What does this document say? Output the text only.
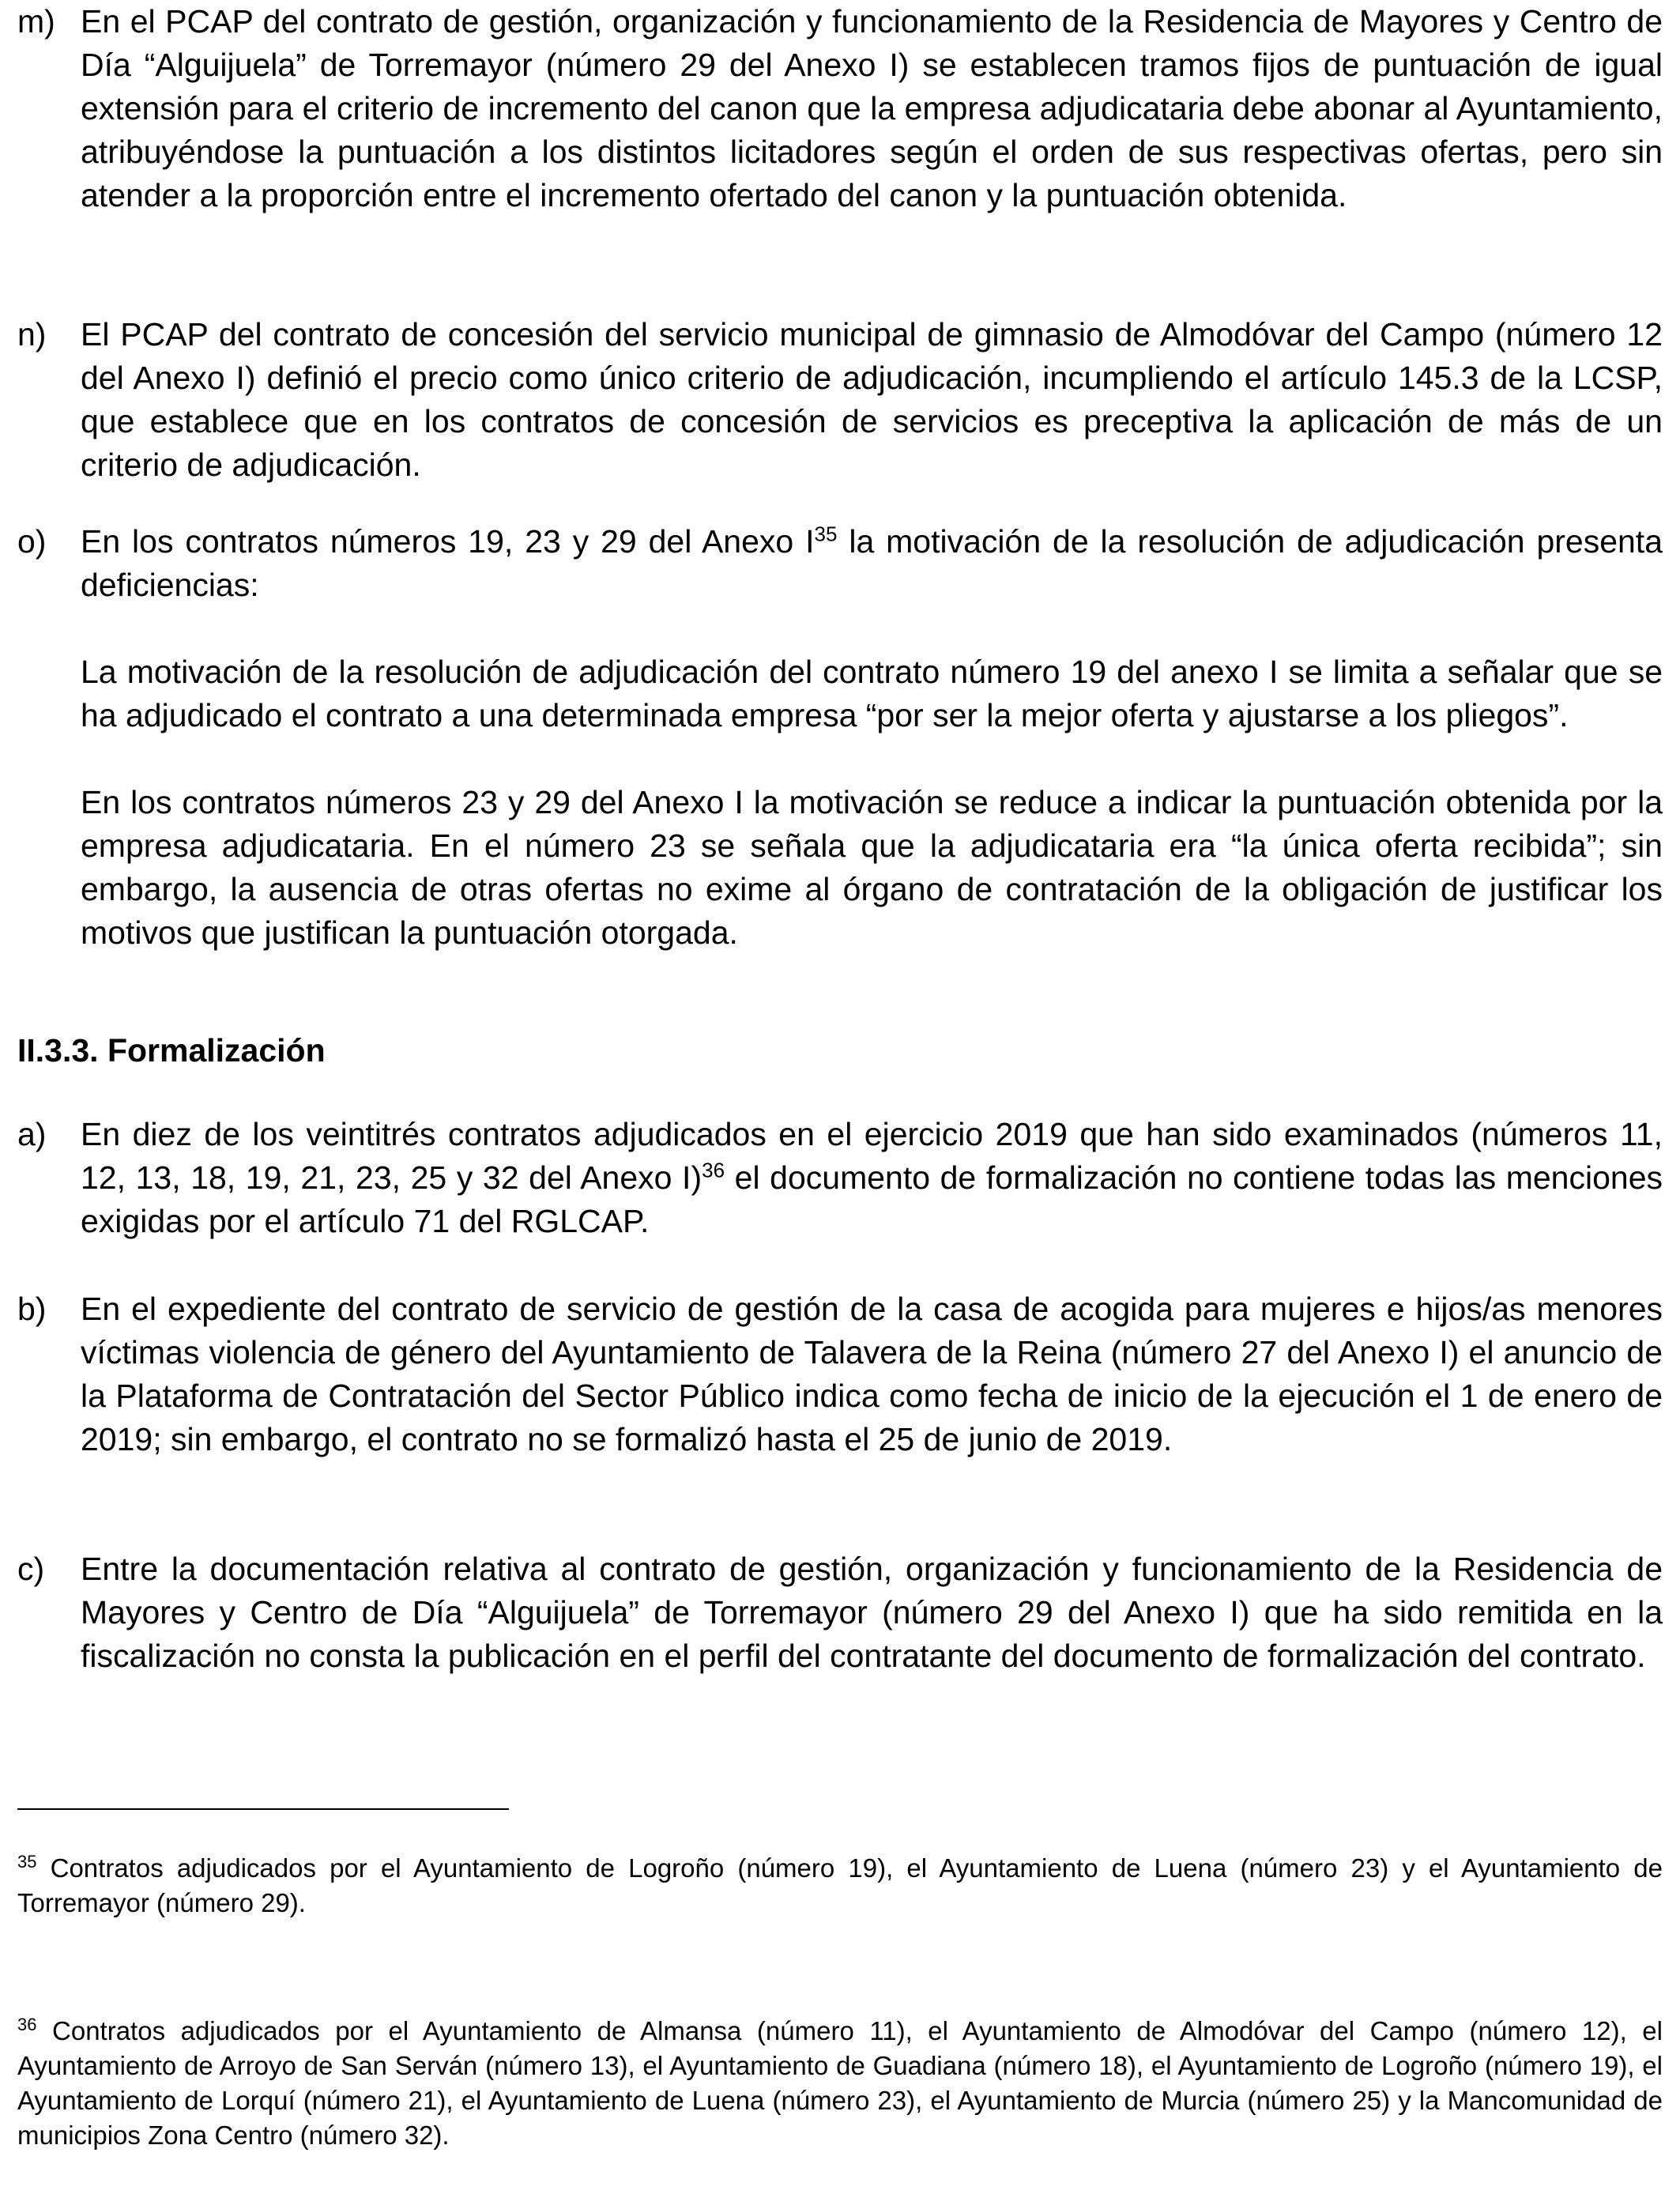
m) En el PCAP del contrato de gestión, organización y funcionamiento de la Residencia de Mayores y Centro de Día “Alguijuela” de Torremayor (número 29 del Anexo I) se establecen tramos fijos de puntuación de igual extensión para el criterio de incremento del canon que la empresa adjudicataria debe abonar al Ayuntamiento, atribuyéndose la puntuación a los distintos licitadores según el orden de sus respectivas ofertas, pero sin atender a la proporción entre el incremento ofertado del canon y la puntuación obtenida.

n) El PCAP del contrato de concesión del servicio municipal de gimnasio de Almodóvar del Campo (número 12 del Anexo I) definió el precio como único criterio de adjudicación, incumpliendo el artículo 145.3 de la LCSP, que establece que en los contratos de concesión de servicios es preceptiva la aplicación de más de un criterio de adjudicación.

o) En los contratos números 19, 23 y 29 del Anexo $I^{35}$ la motivación de la resolución de adjudicación presenta deficiencias:

La motivación de la resolución de adjudicación del contrato número 19 del anexo I se limita a señalar que se ha adjudicado el contrato a una determinada empresa “por ser la mejor oferta y ajustarse a los pliegos”.

En los contratos números 23 y 29 del Anexo I la motivación se reduce a indicar la puntuación obtenida por la empresa adjudicataria. En el número 23 se señala que la adjudicataria era “la única oferta recibida”; sin embargo, la ausencia de otras ofertas no exime al órgano de contratación de la obligación de justificar los motivos que justifican la puntuación otorgada.

II.3.3. Formalización

a) En diez de los veintitrés contratos adjudicados en el ejercicio 2019 que han sido examinados (números 11, 12, 13, 18, 19, 21, 23, 25 y 32 del Anexo I)$^{36}$ el documento de formalización no contiene todas las menciones exigidas por el artículo 71 del RGLCAP.

b) En el expediente del contrato de servicio de gestión de la casa de acogida para mujeres e hijos/as menores víctimas violencia de género del Ayuntamiento de Talavera de la Reina (número 27 del Anexo I) el anuncio de la Plataforma de Contratación del Sector Público indica como fecha de inicio de la ejecución el 1 de enero de 2019; sin embargo, el contrato no se formalizó hasta el 25 de junio de 2019.

c) Entre la documentación relativa al contrato de gestión, organización y funcionamiento de la Residencia de Mayores y Centro de Día “Alguijuela” de Torremayor (número 29 del Anexo I) que ha sido remitida en la fiscalización no consta la publicación en el perfil del contratante del documento de formalización del contrato.

$^{35}$ Contratos adjudicados por el Ayuntamiento de Logroño (número 19), el Ayuntamiento de Luena (número 23) y el Ayuntamiento de Torremayor (número 29).

$^{36}$ Contratos adjudicados por el Ayuntamiento de Almansa (número 11), el Ayuntamiento de Almodóvar del Campo (número 12), el Ayuntamiento de Arroyo de San Serván (número 13), el Ayuntamiento de Guadiana (número 18), el Ayuntamiento de Logroño (número 19), el Ayuntamiento de Lorquí (número 21), el Ayuntamiento de Luena (número 23), el Ayuntamiento de Murcia (número 25) y la Mancomunidad de municipios Zona Centro (número 32).
